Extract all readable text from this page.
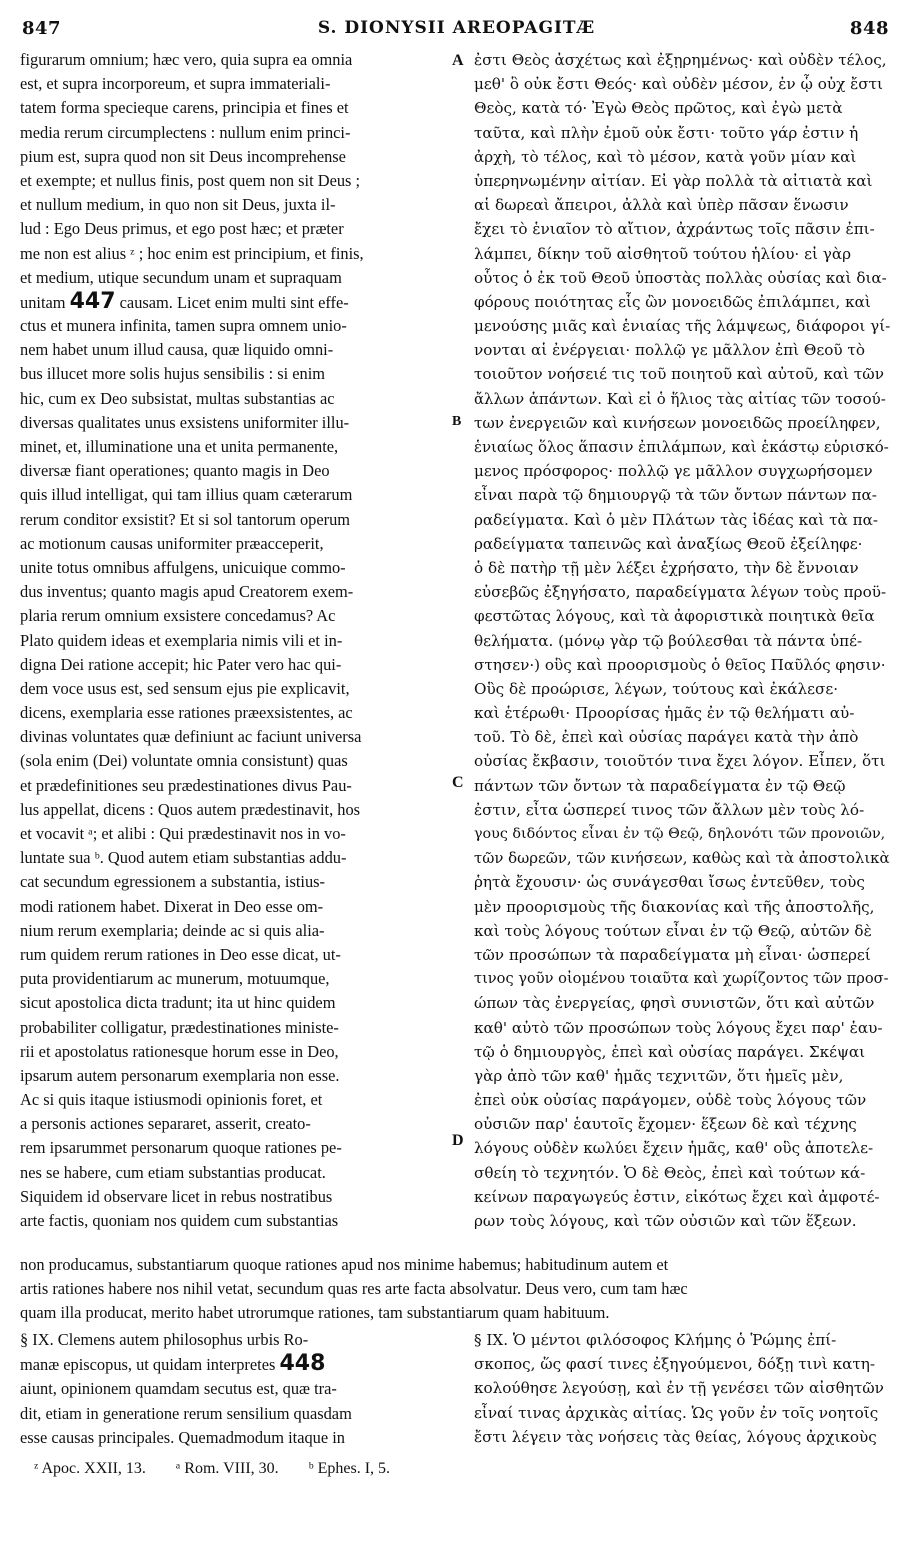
847	S. DIONYSII AREOPAGITÆ	848
figurarum omnium; hæc vero, quia supra ea omnia
est, et supra incorporeum, et supra immateriali-
tatem forma specieque carens, principia et fines et
media rerum circumplectens : nullum enim princi-
pium est, supra quod non sit Deus incomprehense
et exempte; et nullus finis, post quem non sit Deus ;
et nullum medium, in quo non sit Deus, juxta il-
lud : Ego Deus primus, et ego post hæc; et præter
me non est alius ᶻ ; hoc enim est principium, et finis,
et medium, utique secundum unam et supraquam
unitam 447 causam. Licet enim multi sint effe-
ctus et munera infinita, tamen supra omnem unio-
nem habet unum illud causa, quæ liquido omni-
bus illucet more solis hujus sensibilis : si enim
hic, cum ex Deo subsistat, multas substantias ac
diversas qualitates unus exsistens uniformiter illu-
minet, et, illuminatione una et unita permanente,
diversæ fiant operationes; quanto magis in Deo
quis illud intelligat, qui tam illius quam cæterarum
rerum conditor exsistit? Et si sol tantorum operum
ac motionum causas uniformiter præacceperit,
unite totus omnibus affulgens, unicuique commo-
dus inventus; quanto magis apud Creatorem exem-
plaria rerum omnium exsistere concedamus? Ac
Plato quidem ideas et exemplaria nimis vili et in-
digna Dei ratione accepit; hic Pater vero hac qui-
dem voce usus est, sed sensum ejus pie explicavit,
dicens, exemplaria esse rationes præexsistentes, ac
divinas voluntates quæ definiunt ac faciunt universa
(sola enim (Dei) voluntate omnia consistunt) quas
et prædefinitiones seu prædestinationes divus Pau-
lus appellat, dicens : Quos autem prædestinavit, hos
et vocavit ᵃ; et alibi : Qui prædestinavit nos in vo-
luntate sua ᵇ. Quod autem etiam substantias addu-
cat secundum egressionem a substantia, istius-
modi rationem habet. Dixerat in Deo esse om-
nium rerum exemplaria; deinde ac si quis alia-
rum quidem rerum rationes in Deo esse dicat, ut-
puta providentiarum ac munerum, motuumque,
sicut apostolica dicta tradunt; ita ut hinc quidem
probabiliter colligatur, prædestinationes ministe-
rii et apostolatus rationesque horum esse in Deo,
ipsarum autem personarum exemplaria non esse.
Ac si quis itaque istiusmodi opinionis foret, et
a personis actiones separaret, asserit, creato-
rem ipsarummet personarum quoque rationes pe-
nes se habere, cum etiam substantias producat.
Siquidem id observare licet in rebus nostratibus
arte factis, quoniam nos quidem cum substantias
ἐστι Θεὸς ἀσχέτως καὶ ἐξῃρημένως· καὶ οὐδὲν τέλος,
μεθ' ὃ οὐκ ἔστι Θεός· καὶ οὐδὲν μέσον, ἐν ᾧ οὐχ ἔστι
Θεὸς, κατὰ τό· Ἐγὼ Θεὸς πρῶτος, καὶ ἐγὼ μετὰ
ταῦτα, καὶ πλὴν ἐμοῦ οὐκ ἔστι· τοῦτο γάρ ἐστιν ἡ
ἀρχὴ, τὸ τέλος, καὶ τὸ μέσον, κατὰ γοῦν μίαν καὶ
ὑπερηνωμένην αἰτίαν. Εἰ γὰρ πολλὰ τὰ αἰτιατὰ καὶ
αἱ δωρεαὶ ἄπειροι, ἀλλὰ καὶ ὑπὲρ πᾶσαν ἕνωσιν
ἔχει τὸ ἑνιαῖον τὸ αἴτιον, ἀχράντως τοῖς πᾶσιν ἐπι-
λάμπει, δίκην τοῦ αἰσθητοῦ τούτου ἡλίου· εἰ γὰρ
οὗτος ὁ ἐκ τοῦ Θεοῦ ὑποστὰς πολλὰς οὐσίας καὶ δια-
φόρους ποιότητας εἷς ὢν μονοειδῶς ἐπιλάμπει, καὶ
μενούσης μιᾶς καὶ ἑνιαίας τῆς λάμψεως, διάφοροι γί-
νονται αἱ ἐνέργειαι· πολλῷ γε μᾶλλον ἐπὶ Θεοῦ τὸ
τοιοῦτον νοήσειέ τις τοῦ ποιητοῦ καὶ αὐτοῦ, καὶ τῶν
ἄλλων ἁπάντων. Καὶ εἰ ὁ ἥλιος τὰς αἰτίας τῶν τοσού-
των ἐνεργειῶν καὶ κινήσεων μονοειδῶς προείληφεν,
ἑνιαίως ὅλος ἅπασιν ἐπιλάμπων, καὶ ἑκάστῳ εὑρισκό-
μενος πρόσφορος· πολλῷ γε μᾶλλον συγχωρήσομεν
εἶναι παρὰ τῷ δημιουργῷ τὰ τῶν ὄντων πάντων πα-
ραδείγματα. Καὶ ὁ μὲν Πλάτων τὰς ἰδέας καὶ τὰ πα-
ραδείγματα ταπεινῶς καὶ ἀναξίως Θεοῦ ἐξείληφε·
ὁ δὲ πατὴρ τῇ μὲν λέξει ἐχρήσατο, τὴν δὲ ἔννοιαν
εὐσεβῶς ἐξηγήσατο, παραδείγματα λέγων τοὺς προϋ-
φεστῶτας λόγους, καὶ τὰ ἀφοριστικὰ ποιητικὰ θεῖα
θελήματα. (μόνῳ γὰρ τῷ βούλεσθαι τὰ πάντα ὑπέ-
στησεν·) οὓς καὶ προορισμοὺς ὁ θεῖος Παῦλός φησιν·
Οὓς δὲ προώρισε, λέγων, τούτους καὶ ἐκάλεσε·
καὶ ἑτέρωθι· Προορίσας ἡμᾶς ἐν τῷ θελήματι αὐ-
τοῦ. Τὸ δὲ, ἐπεὶ καὶ οὐσίας παράγει κατὰ τὴν ἀπὸ
οὐσίας ἔκβασιν, τοιοῦτόν τινα ἔχει λόγον. Εἶπεν, ὅτι
πάντων τῶν ὄντων τὰ παραδείγματα ἐν τῷ Θεῷ
ἐστιν, εἶτα ὡσπερεί τινος τῶν ἄλλων μὲν τοὺς λό-
γους διδόντος εἶναι ἐν τῷ Θεῷ, δηλονότι τῶν προνοιῶν,
τῶν δωρεῶν, τῶν κινήσεων, καθὼς καὶ τὰ ἀποστολικὰ
ῥητὰ ἔχουσιν· ὡς συνάγεσθαι ἴσως ἐντεῦθεν, τοὺς
μὲν προορισμοὺς τῆς διακονίας καὶ τῆς ἀποστολῆς,
καὶ τοὺς λόγους τούτων εἶναι ἐν τῷ Θεῷ, αὐτῶν δὲ
τῶν προσώπων τὰ παραδείγματα μὴ εἶναι· ὡσπερεί
τινος γοῦν οἰομένου τοιαῦτα καὶ χωρίζοντος τῶν προσ-
ώπων τὰς ἐνεργείας, φησὶ συνιστῶν, ὅτι καὶ αὐτῶν
καθ' αὐτὸ τῶν προσώπων τοὺς λόγους ἔχει παρ' ἑαυ-
τῷ ὁ δημιουργὸς, ἐπεὶ καὶ οὐσίας παράγει. Σκέψαι
γὰρ ἀπὸ τῶν καθ' ἡμᾶς τεχνιτῶν, ὅτι ἡμεῖς μὲν,
ἐπεὶ οὐκ οὐσίας παράγομεν, οὐδὲ τοὺς λόγους τῶν
οὐσιῶν παρ' ἑαυτοῖς ἔχομεν· ἕξεων δὲ καὶ τέχνης
λόγους οὐδὲν κωλύει ἔχειν ἡμᾶς, καθ' οὓς ἀποτελε-
σθείη τὸ τεχνητόν. Ὁ δὲ Θεὸς, ἐπεὶ καὶ τούτων κά-
κείνων παραγωγεύς ἐστιν, εἰκότως ἔχει καὶ ἀμφοτέ-
ρων τοὺς λόγους, καὶ τῶν οὐσιῶν καὶ τῶν ἕξεων.
A
B
C
D
non producamus, substantiarum quoque rationes apud nos minime habemus; habitudinum autem et
artis rationes habere nos nihil vetat, secundum quas res arte facta absolvatur. Deus vero, cum tam hæc
quam illa producat, merito habet utrorumque rationes, tam substantiarum quam habituum.
§ IX. Clemens autem philosophus urbis Ro-
manæ episcopus, ut quidam interpretes 448
aiunt, opinionem quamdam secutus est, quæ tra-
dit, etiam in generatione rerum sensilium quasdam
esse causas principales. Quemadmodum itaque in
§ IX. Ὁ μέντοι φιλόσοφος Κλήμης ὁ Ῥώμης ἐπί-
σκοπος, ὥς φασί τινες ἐξηγούμενοι, δόξῃ τινὶ κατη-
κολούθησε λεγούσῃ, καὶ ἐν τῇ γενέσει τῶν αἰσθητῶν
εἶναί τινας ἀρχικὰς αἰτίας. Ὡς γοῦν ἐν τοῖς νοητοῖς
ἔστι λέγειν τὰς νοήσεις τὰς θείας, λόγους ἀρχικοὺς
ᶻ Apoc. XXII, 13. ᵃ Rom. VIII, 30. ᵇ Ephes. I, 5.
